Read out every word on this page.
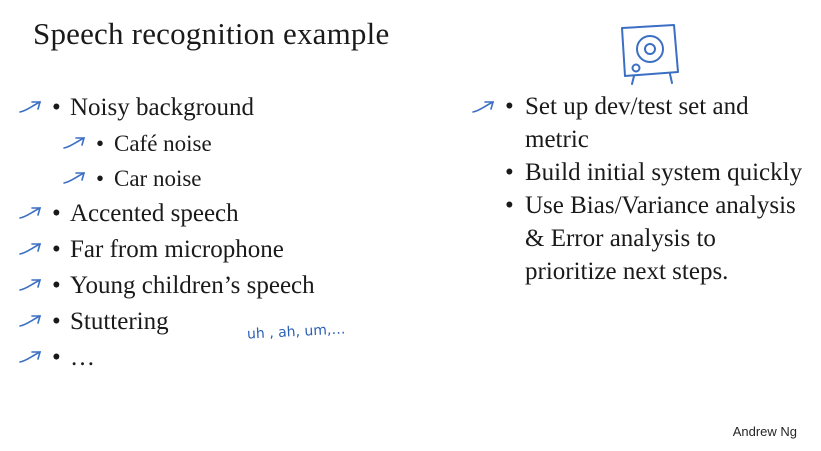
Speech recognition example
• Noisy background
• Café noise
• Car noise
• Accented speech
• Far from microphone
• Young children’s speech
• Stuttering	uh , ah, um,…
• …
• Set up dev/test set and metric
• Build initial system quickly
• Use Bias/Variance analysis & Error analysis to prioritize next steps.
Andrew Ng
